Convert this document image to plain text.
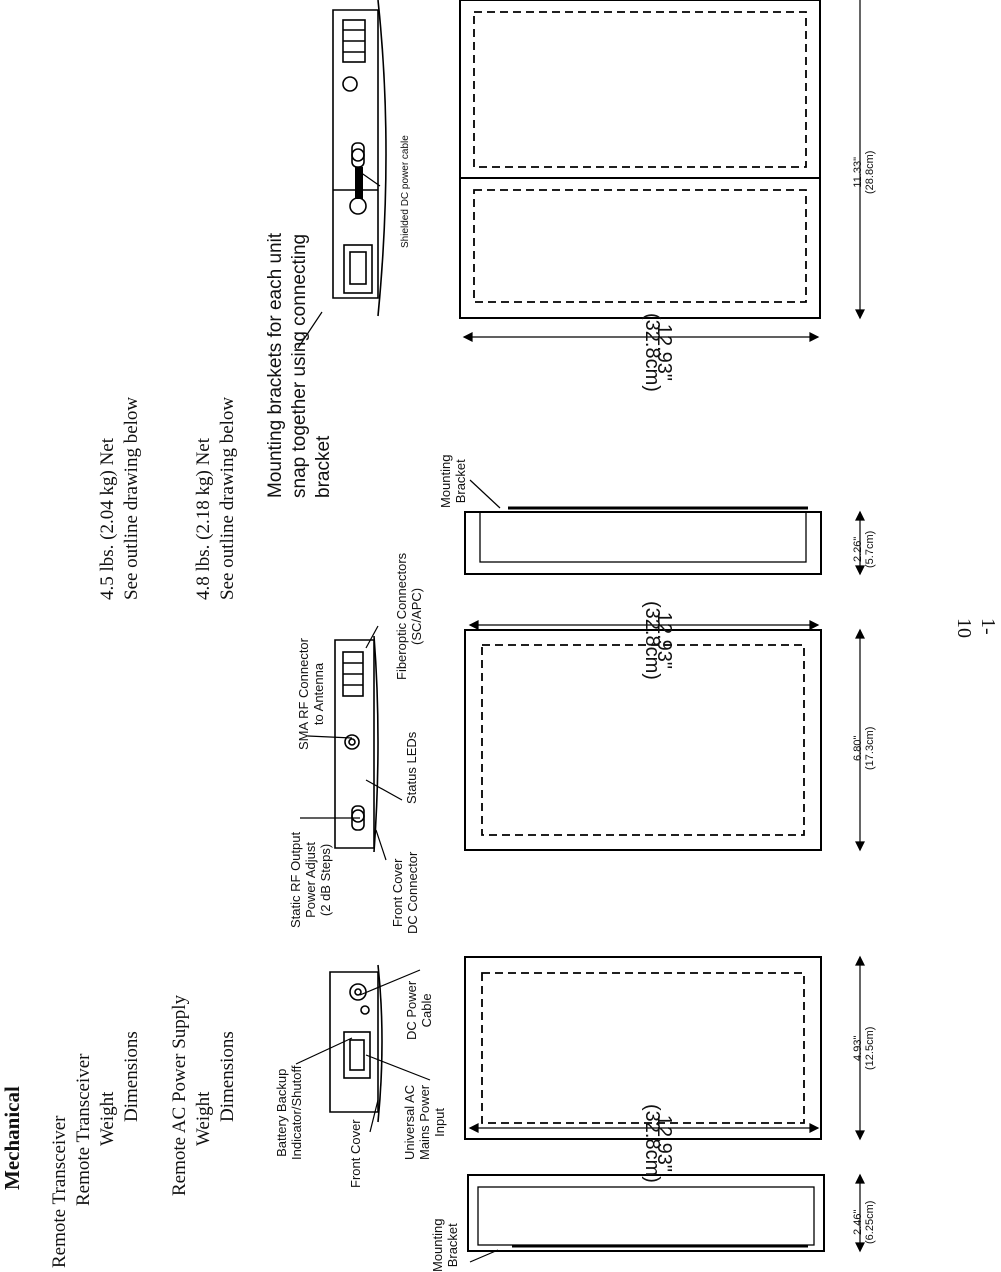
Mechanical Remote Transceiver Remote Transceiver Weight Dimensions
4.5 lbs. (2.04 kg) Net See outline drawing below
Remote AC Power Supply Weight Dimensions
4.8 lbs. (2.18 kg) Net See outline drawing below
Mounting
Bracket
Mounting
Bracket
Front Cover
Battery Backup
Indicator/Shutoff	Universal AC
Mains Power
Input
DC Power
Cable
Static RF Output
Power Adjust
(2 dB Steps)
Front Cover
DC Connector
SMA RF Connector
to Antenna
Status LEDs
Fiberoptic Connectors
(SC/APC)
Mounting brackets for each unit
snap together using connecting
bracket
Shielded DC power cable
2.46"
(6.25cm)
4.93"
(12.5cm)
6.80"
(17.3cm)
2.26"
(5.7cm)
11.33"
(28.8cm)
12.93"
(32.8cm)
12.93"
(32.8cm)
12.93"
(32.8cm)
1-10
